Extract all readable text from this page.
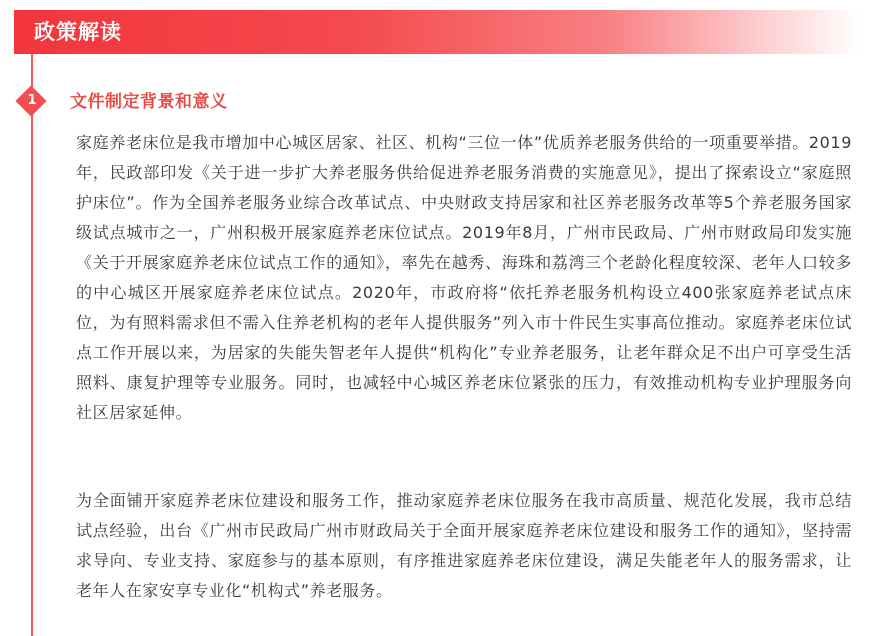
政策解读
1	文件制定背景和意义

家庭养老床位是我市增加中心城区居家、社区、机构“三位一体”优质养老服务供给的一项重要举措。2019年，民政部印发《关于进一步扩大养老服务供给促进养老服务消费的实施意见》，提出了探索设立“家庭照护床位”。作为全国养老服务业综合改革试点、中央财政支持居家和社区养老服务改革等5个养老服务国家级试点城市之一，广州积极开展家庭养老床位试点。2019年8月，广州市民政局、广州市财政局印发实施《关于开展家庭养老床位试点工作的通知》，率先在越秀、海珠和荔湾三个老龄化程度较深、老年人口较多的中心城区开展家庭养老床位试点。2020年，市政府将“依托养老服务机构设立400张家庭养老试点床位，为有照料需求但不需入住养老机构的老年人提供服务”列入市十件民生实事高位推动。家庭养老床位试点工作开展以来，为居家的失能失智老年人提供“机构化”专业养老服务，让老年群众足不出户可享受生活照料、康复护理等专业服务。同时，也减轻中心城区养老床位紧张的压力，有效推动机构专业护理服务向社区居家延伸。

为全面铺开家庭养老床位建设和服务工作，推动家庭养老床位服务在我市高质量、规范化发展，我市总结试点经验，出台《广州市民政局广州市财政局关于全面开展家庭养老床位建设和服务工作的通知》，坚持需求导向、专业支持、家庭参与的基本原则，有序推进家庭养老床位建设，满足失能老年人的服务需求，让老年人在家安享专业化“机构式”养老服务。
